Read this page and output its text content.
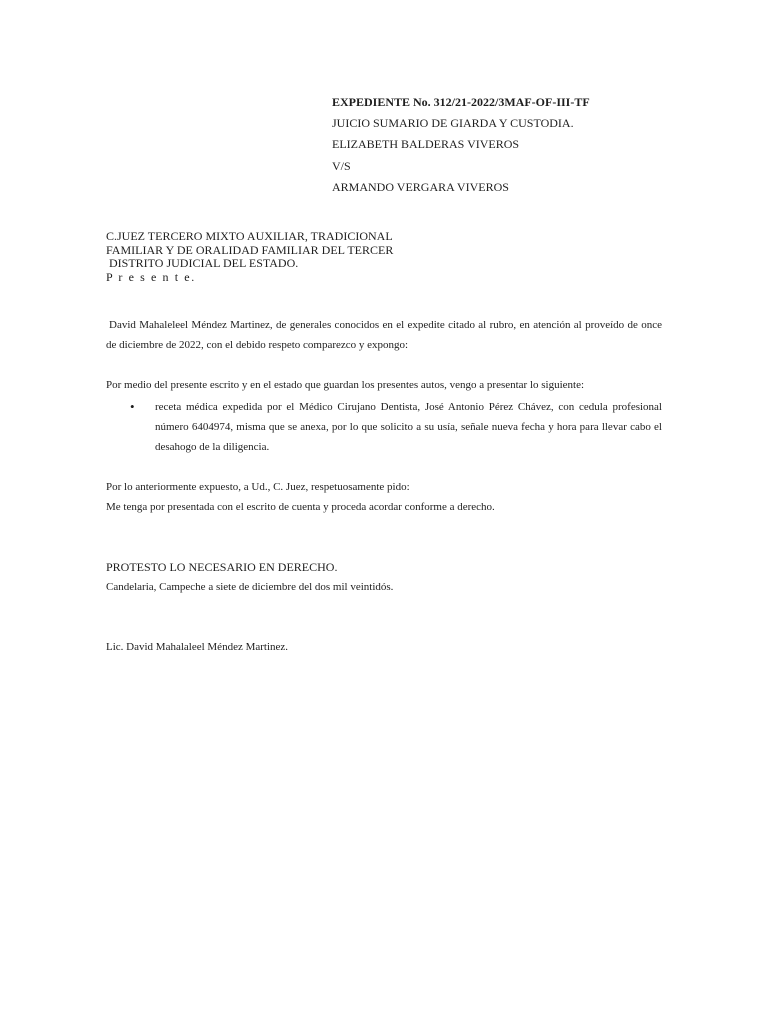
EXPEDIENTE No. 312/21-2022/3MAF-OF-III-TF
JUICIO SUMARIO DE GIARDA Y CUSTODIA.
ELIZABETH BALDERAS VIVEROS
V/S
ARMANDO VERGARA VIVEROS
C.JUEZ TERCERO MIXTO AUXILIAR, TRADICIONAL
FAMILIAR Y DE ORALIDAD FAMILIAR DEL TERCER
DISTRITO JUDICIAL DEL ESTADO.
P r e s e n t e.
David Mahaleleel Méndez Martinez, de generales conocidos en el expedite citado al rubro, en atención al proveído de once de diciembre de 2022, con el debido respeto comparezco y expongo:
Por medio del presente escrito y en el estado que guardan los presentes autos, vengo a presentar lo siguiente:
•	receta médica expedida por el Médico Cirujano Dentista, José Antonio Pérez Chávez, con cedula profesional número 6404974, misma que se anexa, por lo que solicito a su usía, señale nueva fecha y hora para llevar cabo el desahogo de la diligencia.
Por lo anteriormente expuesto, a Ud., C. Juez, respetuosamente pido:
Me tenga por presentada con el escrito de cuenta y proceda acordar conforme a derecho.
PROTESTO LO NECESARIO EN DERECHO.
Candelaria, Campeche a siete de diciembre del dos mil veintidós.
Lic. David Mahalaleel Méndez Martinez.
